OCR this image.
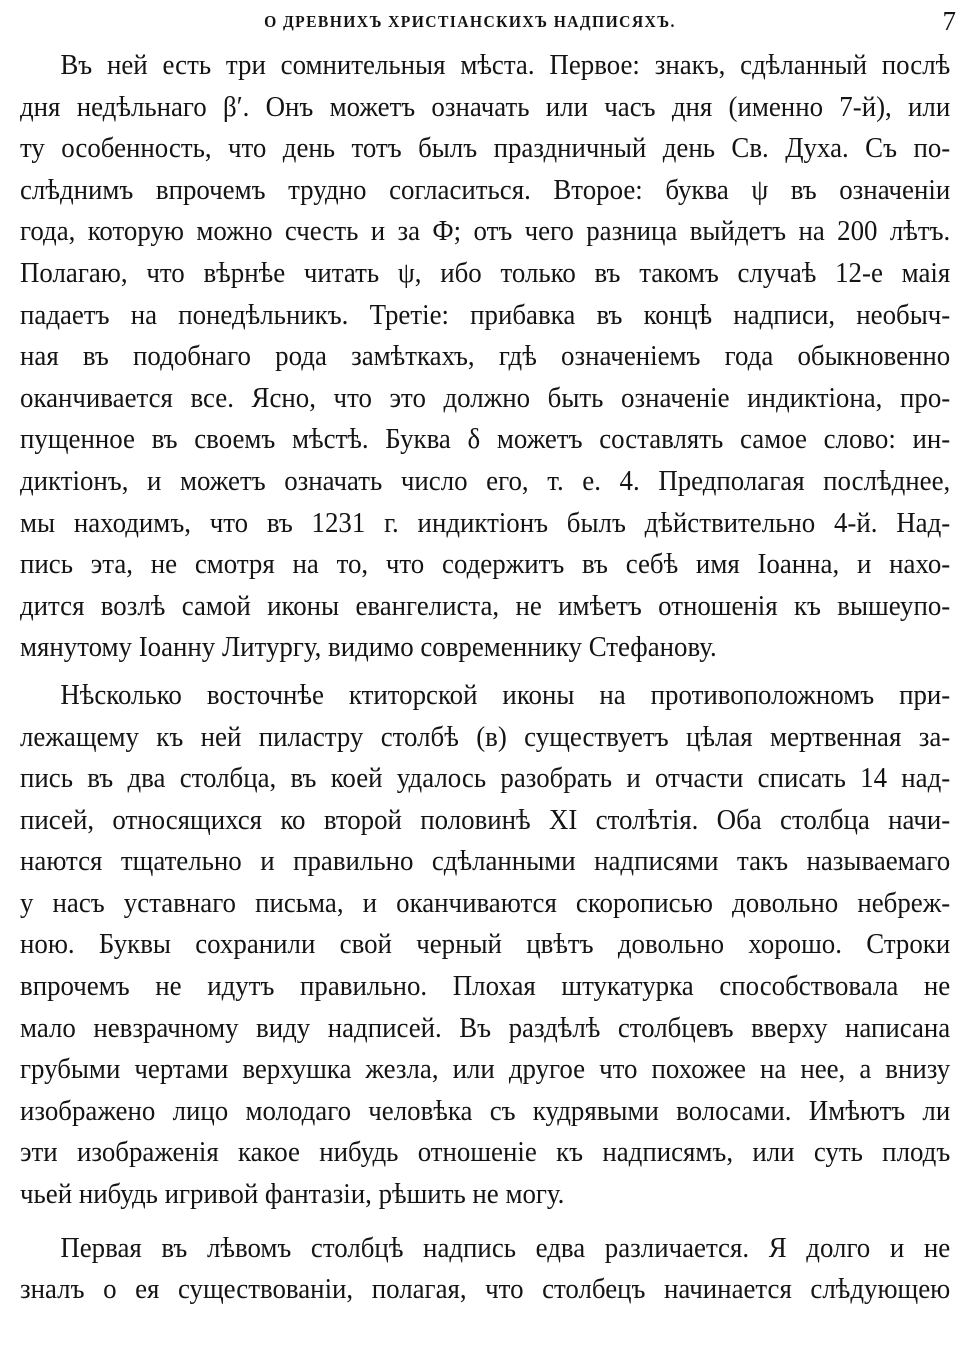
О ДРЕВНИХЪ ХРИСТІАНСКИХЪ НАДПИСЯХЪ.	7
Въ ней есть три сомнительныя мѣста. Первое: знакъ, сдѣланный послѣ
дня недѣльнаго β′. Онъ можетъ означать или часъ дня (именно 7-й), или
ту особенность, что день тотъ былъ праздничный день Св. Духа. Съ по-
слѣднимъ впрочемъ трудно согласиться. Второе: буква ψ въ означеніи
года, которую можно счесть и за Ф; отъ чего разница выйдетъ на 200 лѣтъ.
Полагаю, что вѣрнѣе читать ψ, ибо только въ такомъ случаѣ 12-е маія
падаетъ на понедѣльникъ. Третіе: прибавка въ концѣ надписи, необыч-
ная въ подобнаго рода замѣткахъ, гдѣ означеніемъ года обыкновенно
оканчивается все. Ясно, что это должно быть означеніе индиктіона, про-
пущенное въ своемъ мѣстѣ. Буква δ можетъ составлять самое слово: ин-
диктіонъ, и можетъ означать число его, т. е. 4. Предполагая послѣднее,
мы находимъ, что въ 1231 г. индиктіонъ былъ дѣйствительно 4-й. Над-
пись эта, не смотря на то, что содержитъ въ себѣ имя Іоанна, и нахо-
дится возлѣ самой иконы евангелиста, не имѣетъ отношенія къ вышеупо-
мянутому Іоанну Литургу, видимо современнику Стефанову.
Нѣсколько восточнѣе ктиторской иконы на противоположномъ при-
лежащему къ ней пиластру столбѣ (в) существуетъ цѣлая мертвенная за-
пись въ два столбца, въ коей удалось разобрать и отчасти списать 14 над-
писей, относящихся ко второй половинѣ XI столѣтія. Оба столбца начи-
наются тщательно и правильно сдѣланными надписями такъ называемаго
у насъ уставнаго письма, и оканчиваются скорописью довольно небреж-
ною. Буквы сохранили свой черный цвѣтъ довольно хорошо. Строки
впрочемъ не идутъ правильно. Плохая штукатурка способствовала не
мало невзрачному виду надписей. Въ раздѣлѣ столбцевъ вверху написана
грубыми чертами верхушка жезла, или другое что похожее на нее, а внизу
изображено лицо молодаго человѣка съ кудрявыми волосами. Имѣютъ ли
эти изображенія какое нибудь отношеніе къ надписямъ, или суть плодъ
чьей нибудь игривой фантазіи, рѣшить не могу.
Первая въ лѣвомъ столбцѣ надпись едва различается. Я долго и не
зналъ о ея существованіи, полагая, что столбецъ начинается слѣдующею
